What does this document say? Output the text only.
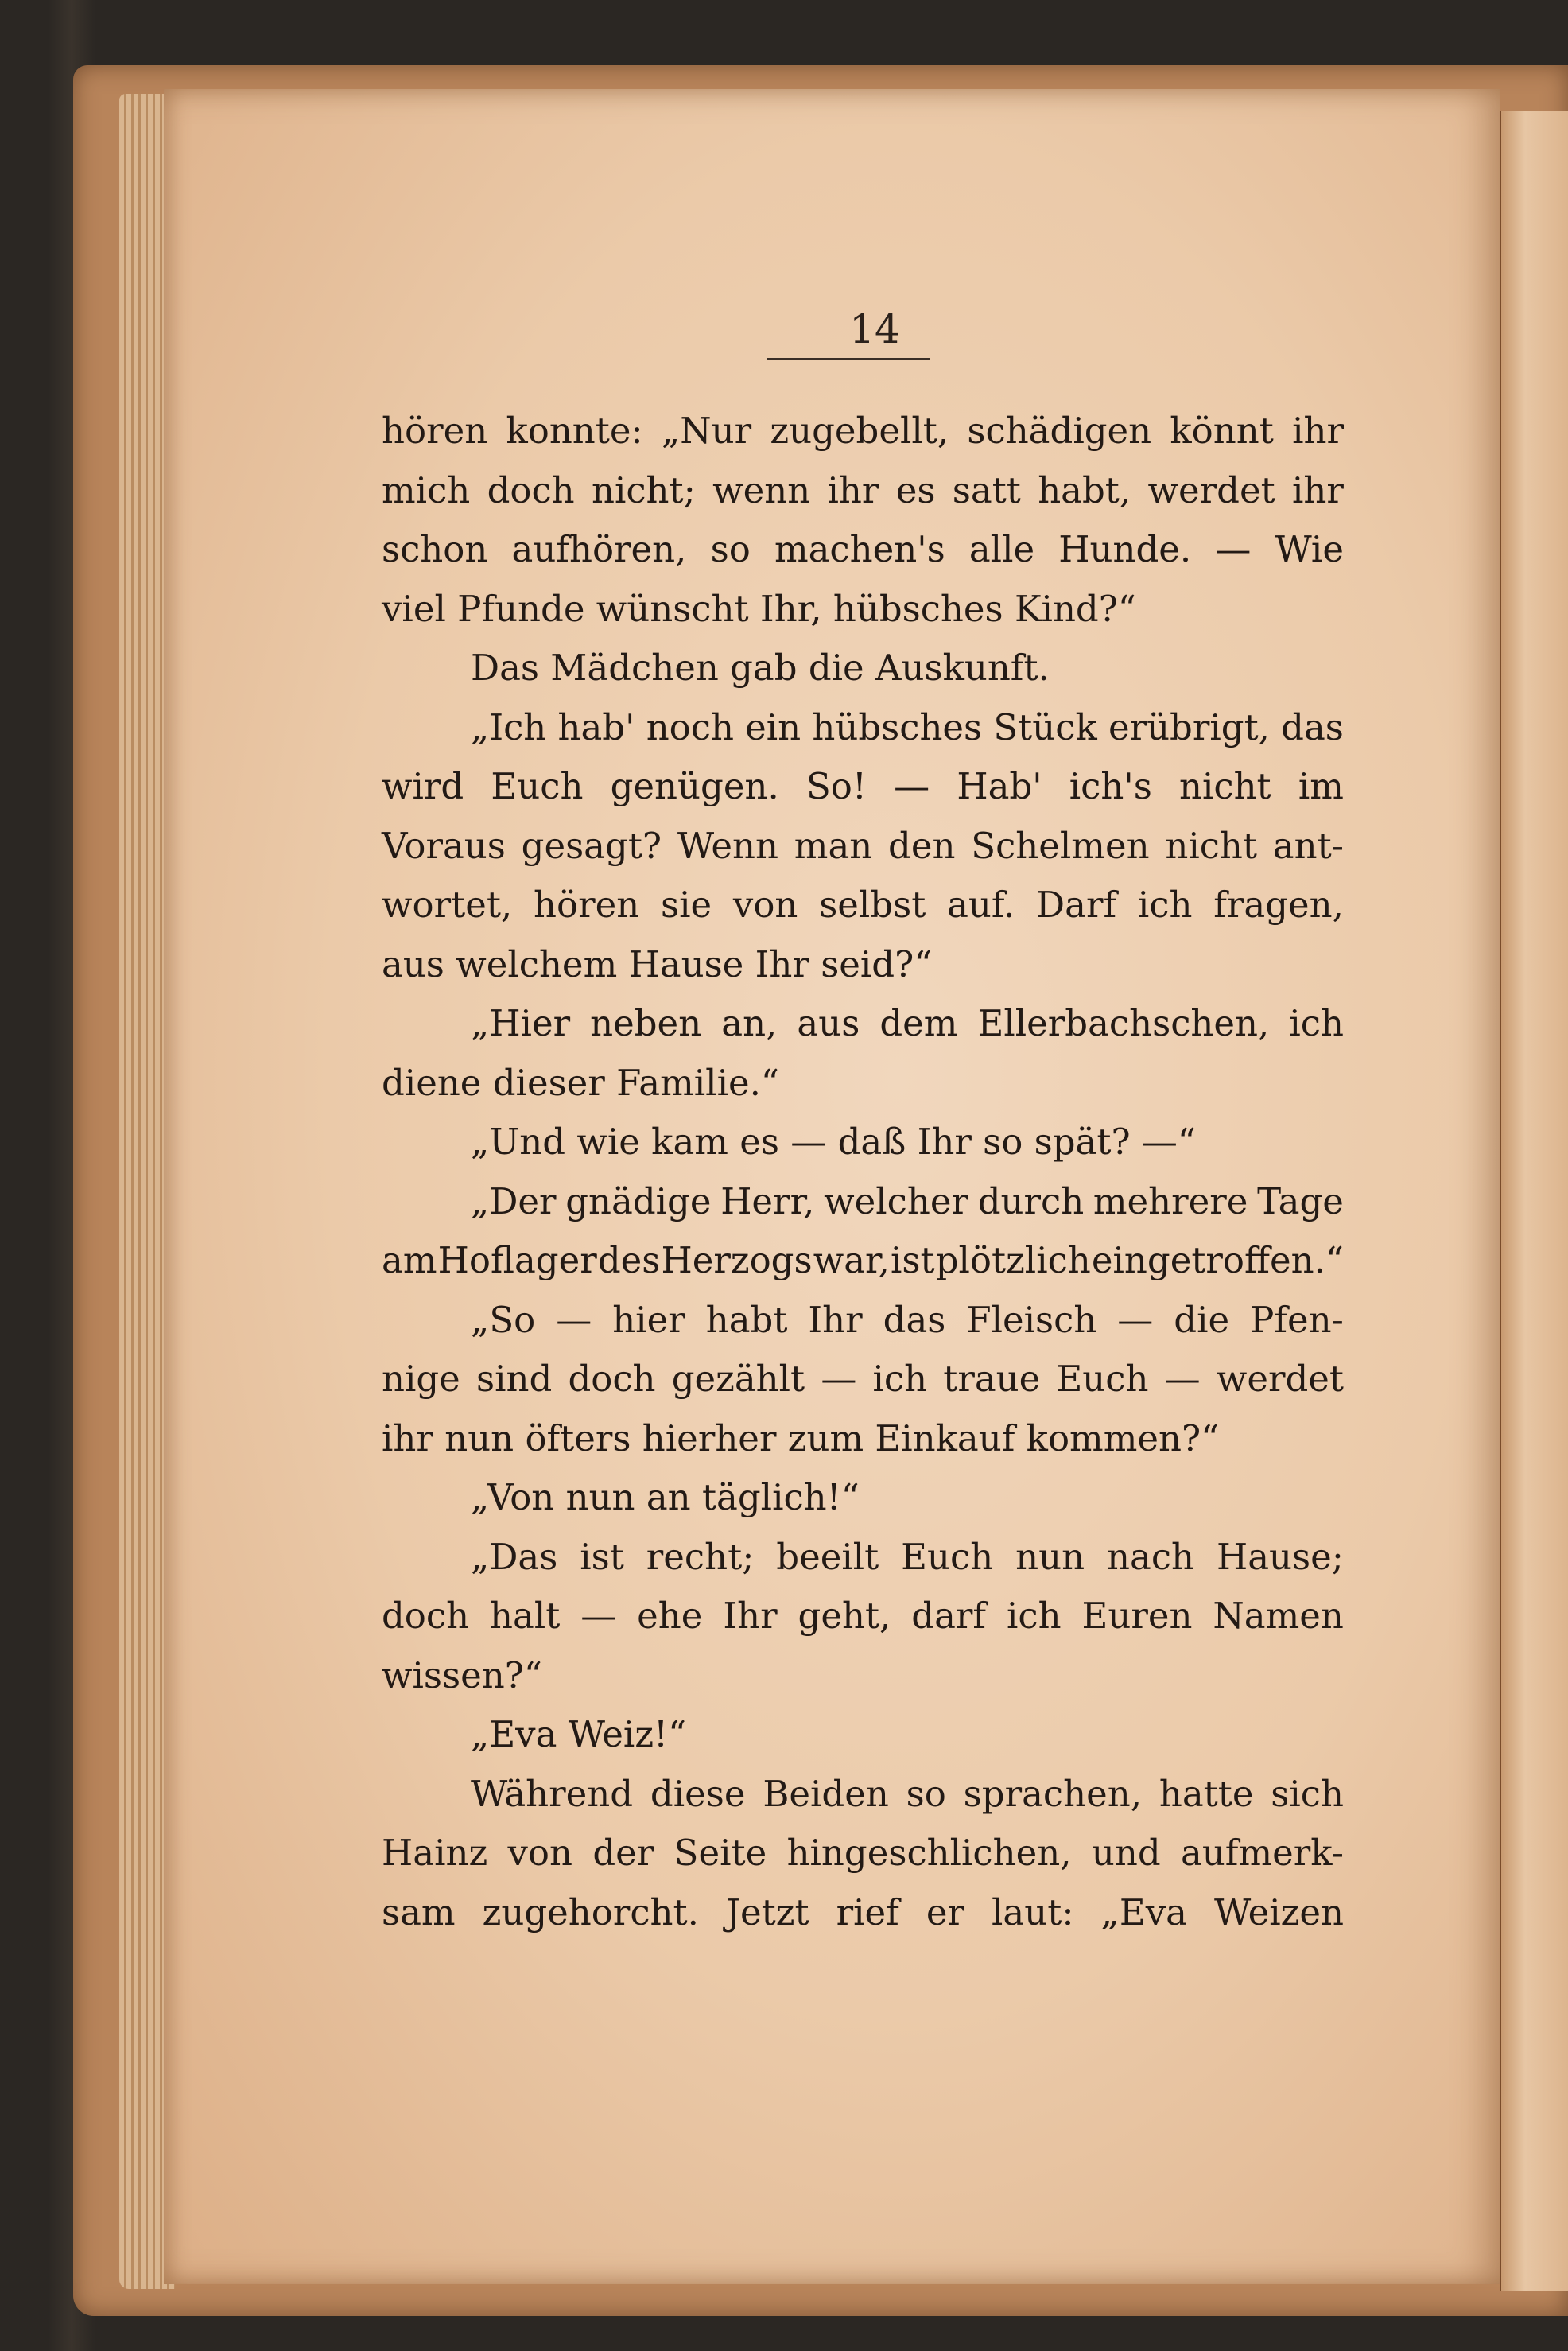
14
hören konnte: „Nur zugebellt, schädigen könnt ihr
mich doch nicht; wenn ihr es satt habt, werdet ihr
schon aufhören, so machen's alle Hunde. — Wie
viel Pfunde wünscht Ihr, hübsches Kind?“
Das Mädchen gab die Auskunft.
„Ich hab' noch ein hübsches Stück erübrigt, das
wird Euch genügen. So! — Hab' ich's nicht im
Voraus gesagt? Wenn man den Schelmen nicht ant-
wortet, hören sie von selbst auf. Darf ich fragen,
aus welchem Hause Ihr seid?“
„Hier neben an, aus dem Ellerbachschen, ich
diene dieser Familie.“
„Und wie kam es — daß Ihr so spät? —“
„Der gnädige Herr, welcher durch mehrere Tage
am Hoflager des Herzogs war, ist plötzlich eingetroffen.“
„So — hier habt Ihr das Fleisch — die Pfen-
nige sind doch gezählt — ich traue Euch — werdet
ihr nun öfters hierher zum Einkauf kommen?“
„Von nun an täglich!“
„Das ist recht; beeilt Euch nun nach Hause;
doch halt — ehe Ihr geht, darf ich Euren Namen
wissen?“
„Eva Weiz!“
Während diese Beiden so sprachen, hatte sich
Hainz von der Seite hingeschlichen, und aufmerk-
sam zugehorcht. Jetzt rief er laut: „Eva Weizen
